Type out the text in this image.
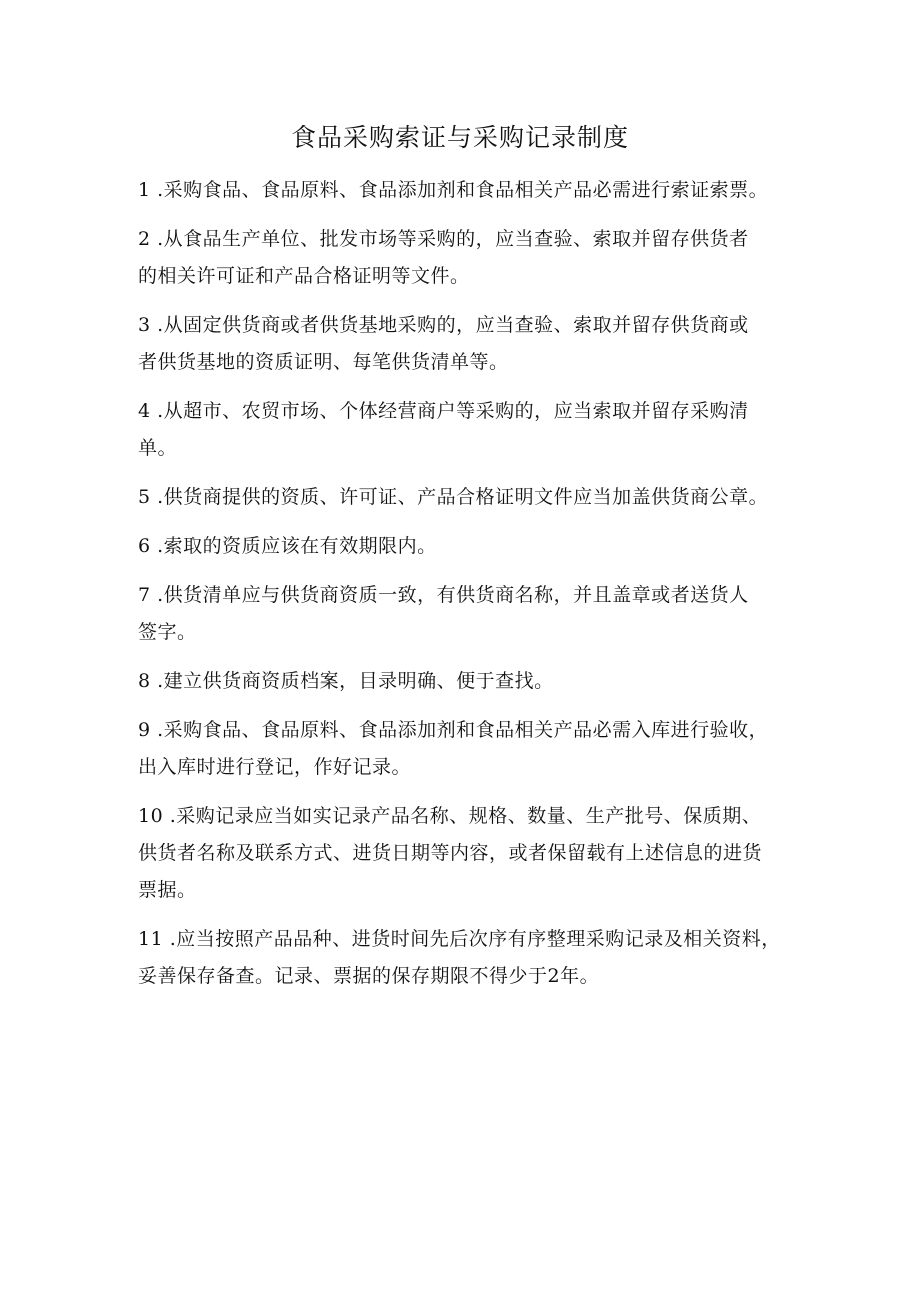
食品采购索证与采购记录制度
1 .采购食品、食品原料、食品添加剂和食品相关产品必需进行索证索票。
2 .从食品生产单位、批发市场等采购的，应当查验、索取并留存供货者
的相关许可证和产品合格证明等文件。
3 .从固定供货商或者供货基地采购的，应当查验、索取并留存供货商或
者供货基地的资质证明、每笔供货清单等。
4 .从超市、农贸市场、个体经营商户等采购的，应当索取并留存采购清
单。
5 .供货商提供的资质、许可证、产品合格证明文件应当加盖供货商公章。
6 .索取的资质应该在有效期限内。
7 .供货清单应与供货商资质一致，有供货商名称，并且盖章或者送货人
签字。
8 .建立供货商资质档案，目录明确、便于查找。
9 .采购食品、食品原料、食品添加剂和食品相关产品必需入库进行验收，
出入库时进行登记，作好记录。
10 .采购记录应当如实记录产品名称、规格、数量、生产批号、保质期、
供货者名称及联系方式、进货日期等内容，或者保留载有上述信息的进货
票据。
11 .应当按照产品品种、进货时间先后次序有序整理采购记录及相关资料，
妥善保存备查。记录、票据的保存期限不得少于2年。
